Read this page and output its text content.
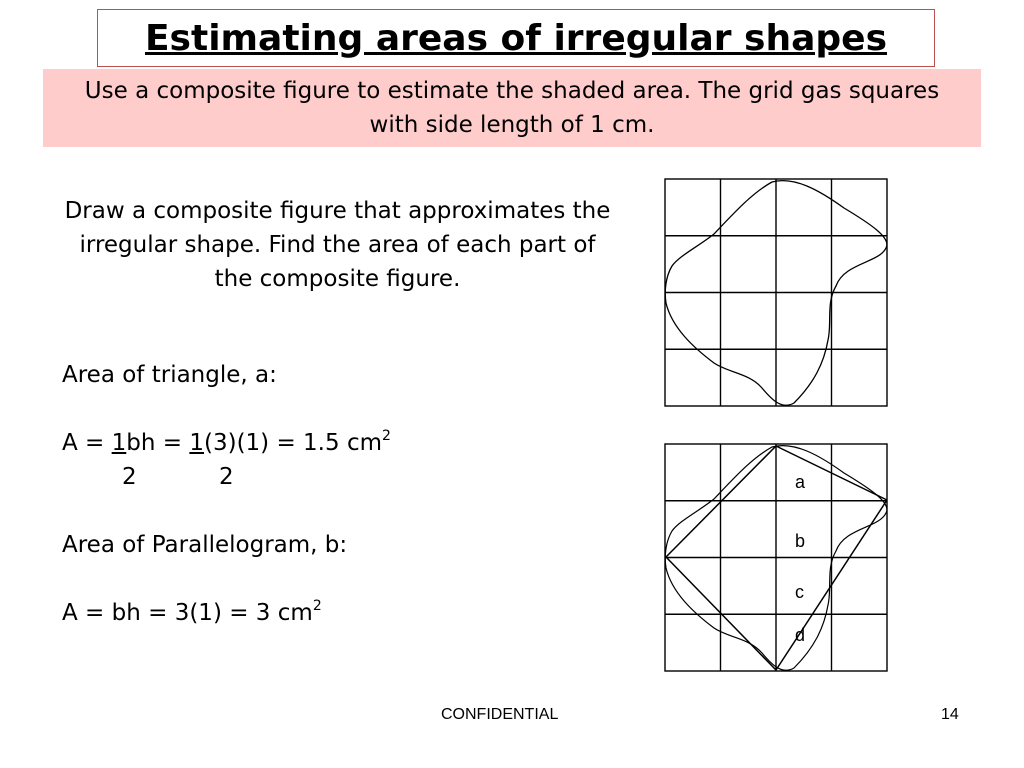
Estimating areas of irregular shapes
Use a composite figure to estimate the shaded area. The grid gas squares with side length of 1 cm.
Draw a composite figure that approximates the irregular shape. Find the area of each part of the composite figure.

Area of triangle, a:

A = 1bh = 1(3)(1) = 1.5 $cm^2$

2	2

Area of Parallelogram, b:

A = bh = 3(1) = 3 $cm^2$

a
b
c
d
CONFIDENTIAL	14
